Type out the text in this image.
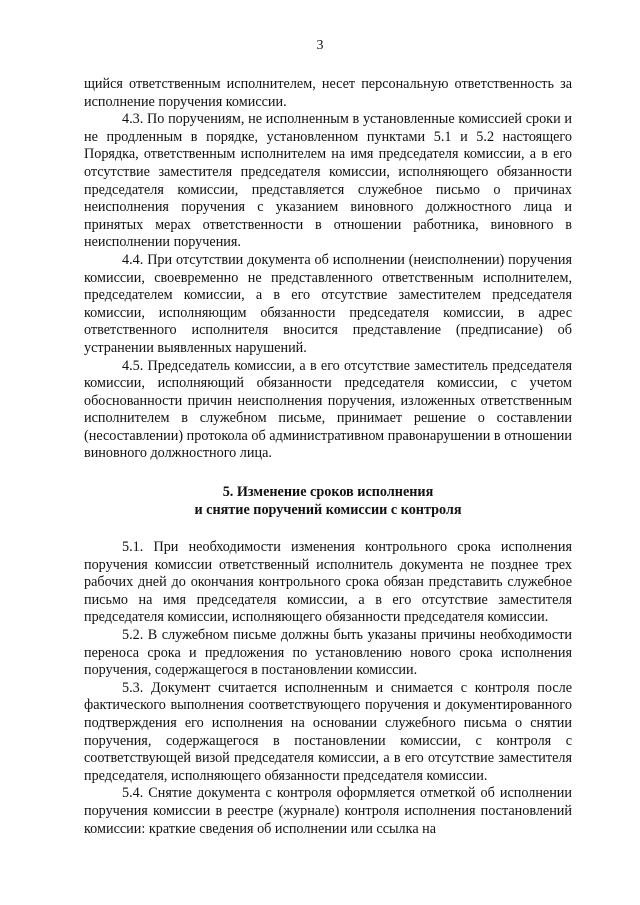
3

щийся ответственным исполнителем, несет персональную ответственность за исполнение поручения комиссии.

4.3. По поручениям, не исполненным в установленные комиссией сроки и не продленным в порядке, установленном пунктами 5.1 и 5.2 настоящего Порядка, ответственным исполнителем на имя председателя комиссии, а в его отсутствие заместителя председателя комиссии, исполняющего обязанности председателя комиссии, представляется служебное письмо о причинах неисполнения поручения с указанием виновного должностного лица и принятых мерах ответственности в отношении работника, виновного в неисполнении поручения.

4.4. При отсутствии документа об исполнении (неисполнении) поручения комиссии, своевременно не представленного ответственным исполнителем, председателем комиссии, а в его отсутствие заместителем председателя комиссии, исполняющим обязанности председателя комиссии, в адрес ответственного исполнителя вносится представление (предписание) об устранении выявленных нарушений.

4.5. Председатель комиссии, а в его отсутствие заместитель председателя комиссии, исполняющий обязанности председателя комиссии, с учетом обоснованности причин неисполнения поручения, изложенных ответственным исполнителем в служебном письме, принимает решение о составлении (несоставлении) протокола об административном правонарушении в отношении виновного должностного лица.

5. Изменение сроков исполнения
и снятие поручений комиссии с контроля

5.1. При необходимости изменения контрольного срока исполнения поручения комиссии ответственный исполнитель документа не позднее трех рабочих дней до окончания контрольного срока обязан представить служебное письмо на имя председателя комиссии, а в его отсутствие заместителя председателя комиссии, исполняющего обязанности председателя комиссии.

5.2. В служебном письме должны быть указаны причины необходимости переноса срока и предложения по установлению нового срока исполнения поручения, содержащегося в постановлении комиссии.

5.3. Документ считается исполненным и снимается с контроля после фактического выполнения соответствующего поручения и документированного подтверждения его исполнения на основании служебного письма о снятии поручения, содержащегося в постановлении комиссии, с контроля с соответствующей визой председателя комиссии, а в его отсутствие заместителя председателя, исполняющего обязанности председателя комиссии.

5.4. Снятие документа с контроля оформляется отметкой об исполнении поручения комиссии в реестре (журнале) контроля исполнения постановлений комиссии: краткие сведения об исполнении или ссылка на
